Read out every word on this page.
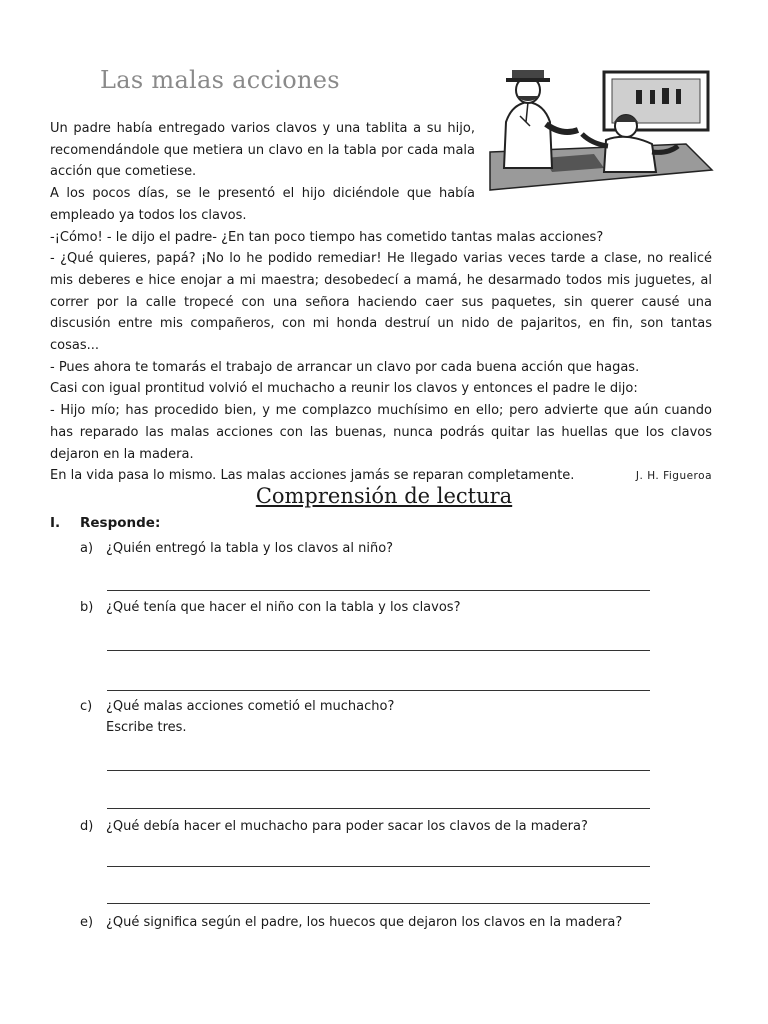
Las malas acciones

Un padre había entregado varios clavos y una tablita a su hijo, recomendándole que metiera un clavo en la tabla por cada mala acción que cometiese.

A los pocos días, se le presentó el hijo diciéndole que había empleado ya todos los clavos.

-¡Cómo! - le dijo el padre- ¿En tan poco tiempo has cometido tantas malas acciones?

- ¿Qué quieres, papá? ¡No lo he podido remediar! He llegado varias veces tarde a clase, no realicé mis deberes e hice enojar a mi maestra; desobedecí a mamá, he desarmado todos mis juguetes, al correr por la calle tropecé con una señora haciendo caer sus paquetes, sin querer causé una discusión entre mis compañeros, con mi honda destruí un nido de pajaritos, en fin, son tantas cosas...

- Pues ahora te tomarás el trabajo de arrancar un clavo por cada buena acción que hagas.

Casi con igual prontitud volvió el muchacho a reunir los clavos y entonces el padre le dijo:

- Hijo mío; has procedido bien, y me complazco muchísimo en ello; pero advierte que aún cuando has reparado las malas acciones con las buenas, nunca podrás quitar las huellas que los clavos dejaron en la madera.

En la vida pasa lo mismo. Las malas acciones jamás se reparan completamente.	J. H. Figueroa
Comprensión de lectura
I. Responde:
a) ¿Quién entregó la tabla y los clavos al niño?
b) ¿Qué tenía que hacer el niño con la tabla y los clavos?
c) ¿Qué malas acciones cometió el muchacho?
Escribe tres.
d) ¿Qué debía hacer el muchacho para poder sacar los clavos de la madera?
e) ¿Qué significa según el padre, los huecos que dejaron los clavos en la madera?
